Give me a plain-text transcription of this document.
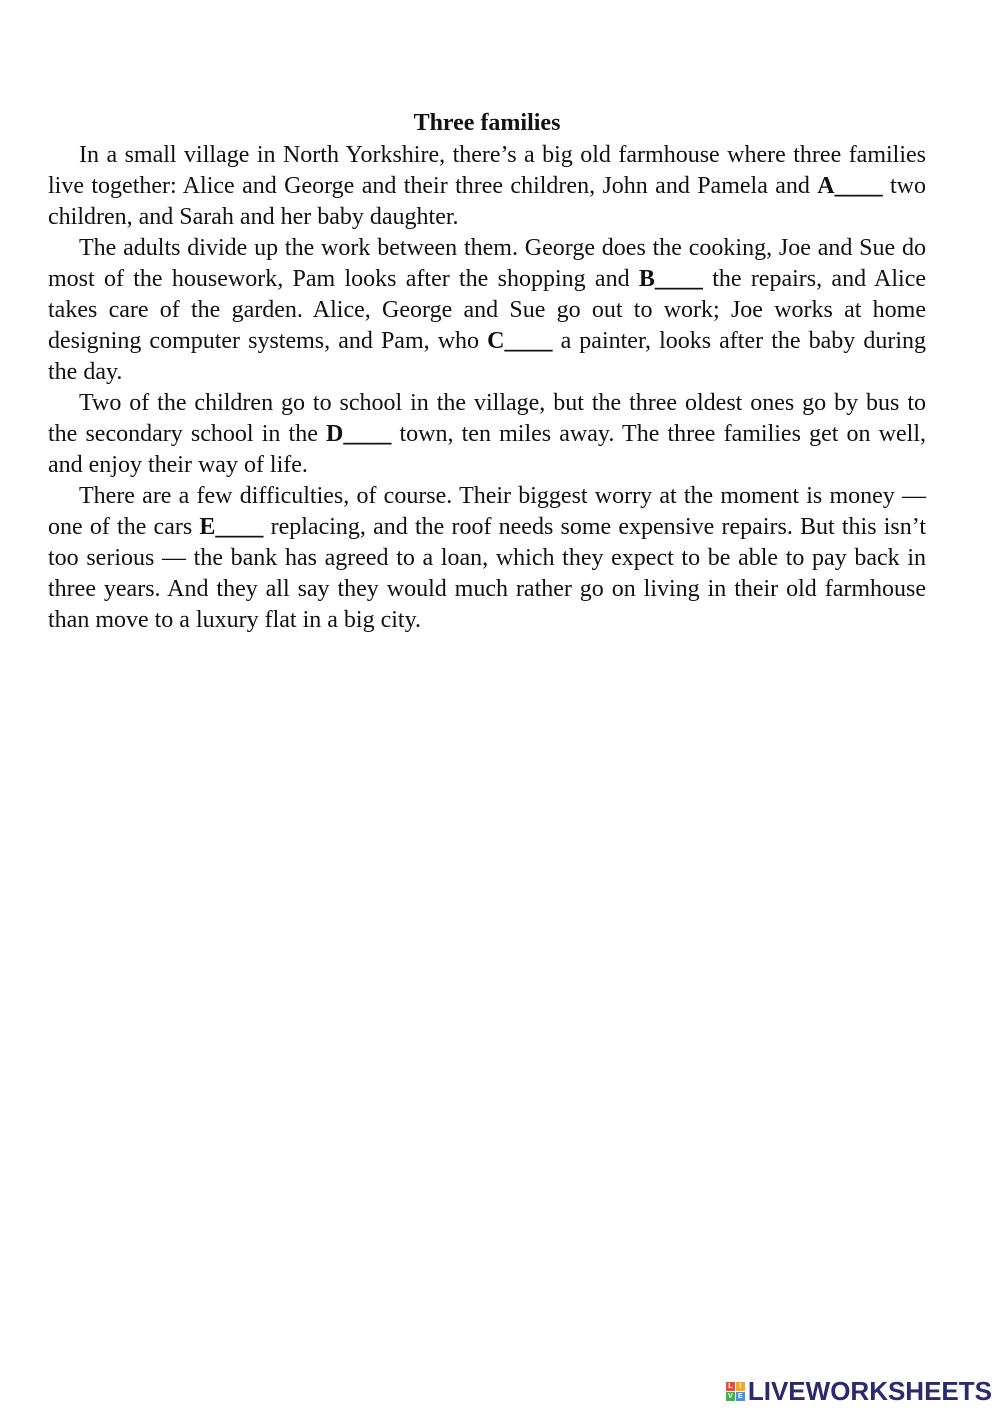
Three families

In a small village in North Yorkshire, there’s a big old farmhouse where three families live together: Alice and George and their three children, John and Pamela and A____ two children, and Sarah and her baby daughter.

The adults divide up the work between them. George does the cooking, Joe and Sue do most of the housework, Pam looks after the shopping and B____ the repairs, and Alice takes care of the garden. Alice, George and Sue go out to work; Joe works at home designing computer systems, and Pam, who C____ a painter, looks after the baby during the day.

Two of the children go to school in the village, but the three oldest ones go by bus to the secondary school in the D____ town, ten miles away. The three families get on well, and enjoy their way of life.

There are a few difficulties, of course. Their biggest worry at the moment is money — one of the cars E____ replacing, and the roof needs some expensive repairs. But this isn’t too serious — the bank has agreed to a loan, which they expect to be able to pay back in three years. And they all say they would much rather go on living in their old farmhouse than move to a luxury flat in a big city.

L I
V E LIVEWORKSHEETS
